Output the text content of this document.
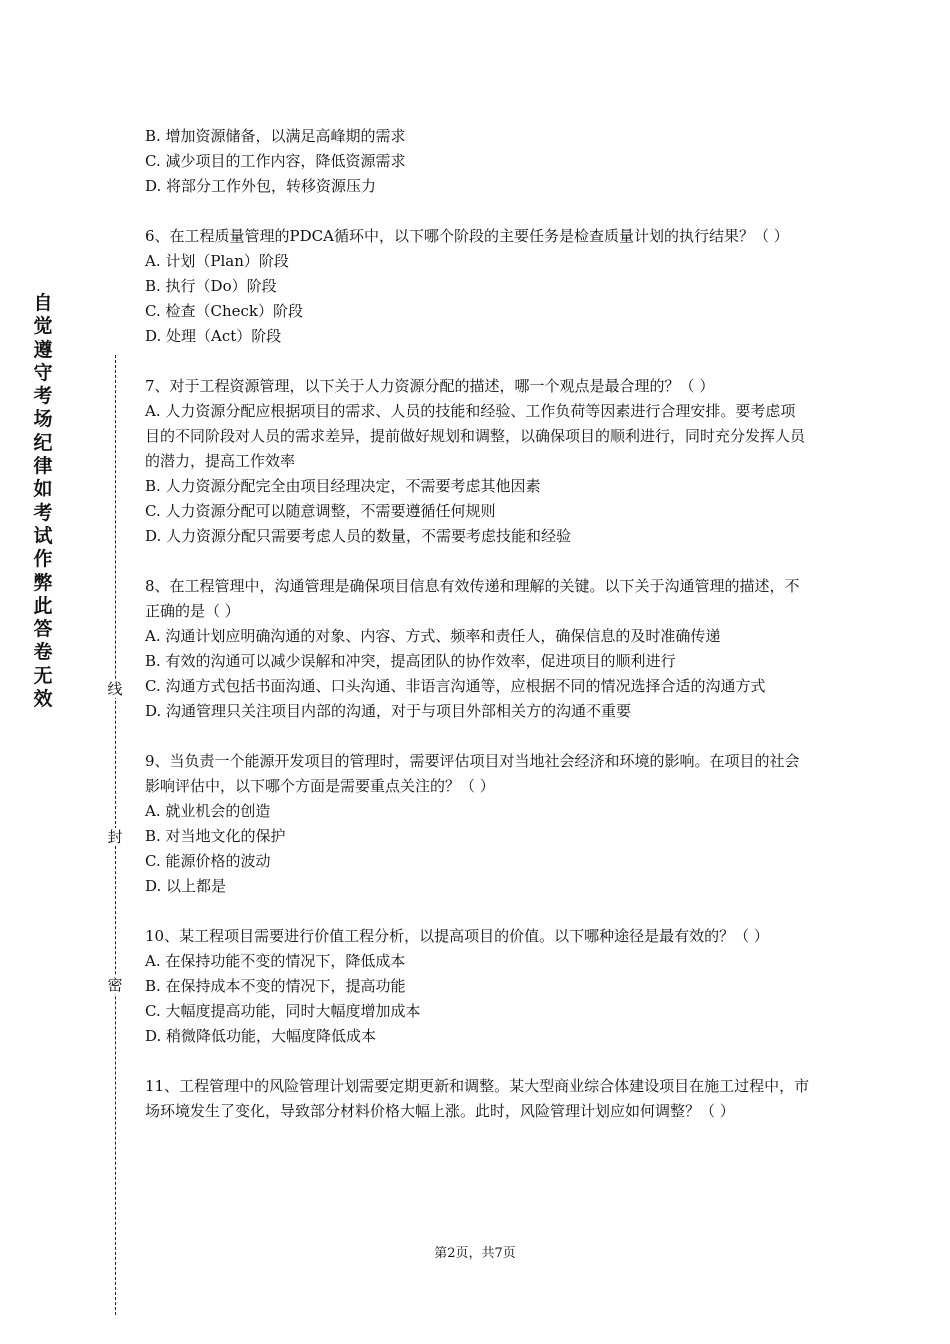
自觉遵守考场纪律如考试作弊此答卷无效	线
封
密
B. 增加资源储备，以满足高峰期的需求
C. 减少项目的工作内容，降低资源需求
D. 将部分工作外包，转移资源压力
6、在工程质量管理的PDCA循环中，以下哪个阶段的主要任务是检查质量计划的执行结果？（ ）
A. 计划（Plan）阶段
B. 执行（Do）阶段
C. 检查（Check）阶段
D. 处理（Act）阶段
7、对于工程资源管理，以下关于人力资源分配的描述，哪一个观点是最合理的？（ ）
A. 人力资源分配应根据项目的需求、人员的技能和经验、工作负荷等因素进行合理安排。要考虑项目的不同阶段对人员的需求差异，提前做好规划和调整，以确保项目的顺利进行，同时充分发挥人员的潜力，提高工作效率
B. 人力资源分配完全由项目经理决定，不需要考虑其他因素
C. 人力资源分配可以随意调整，不需要遵循任何规则
D. 人力资源分配只需要考虑人员的数量，不需要考虑技能和经验
8、在工程管理中，沟通管理是确保项目信息有效传递和理解的关键。以下关于沟通管理的描述，不正确的是（ ）
A. 沟通计划应明确沟通的对象、内容、方式、频率和责任人，确保信息的及时准确传递
B. 有效的沟通可以减少误解和冲突，提高团队的协作效率，促进项目的顺利进行
C. 沟通方式包括书面沟通、口头沟通、非语言沟通等，应根据不同的情况选择合适的沟通方式
D. 沟通管理只关注项目内部的沟通，对于与项目外部相关方的沟通不重要
9、当负责一个能源开发项目的管理时，需要评估项目对当地社会经济和环境的影响。在项目的社会影响评估中，以下哪个方面是需要重点关注的？（ ）
A. 就业机会的创造
B. 对当地文化的保护
C. 能源价格的波动
D. 以上都是
10、某工程项目需要进行价值工程分析，以提高项目的价值。以下哪种途径是最有效的？（ ）
A. 在保持功能不变的情况下，降低成本
B. 在保持成本不变的情况下，提高功能
C. 大幅度提高功能，同时大幅度增加成本
D. 稍微降低功能，大幅度降低成本
11、工程管理中的风险管理计划需要定期更新和调整。某大型商业综合体建设项目在施工过程中，市场环境发生了变化，导致部分材料价格大幅上涨。此时，风险管理计划应如何调整？（ ）
第2页，共7页
